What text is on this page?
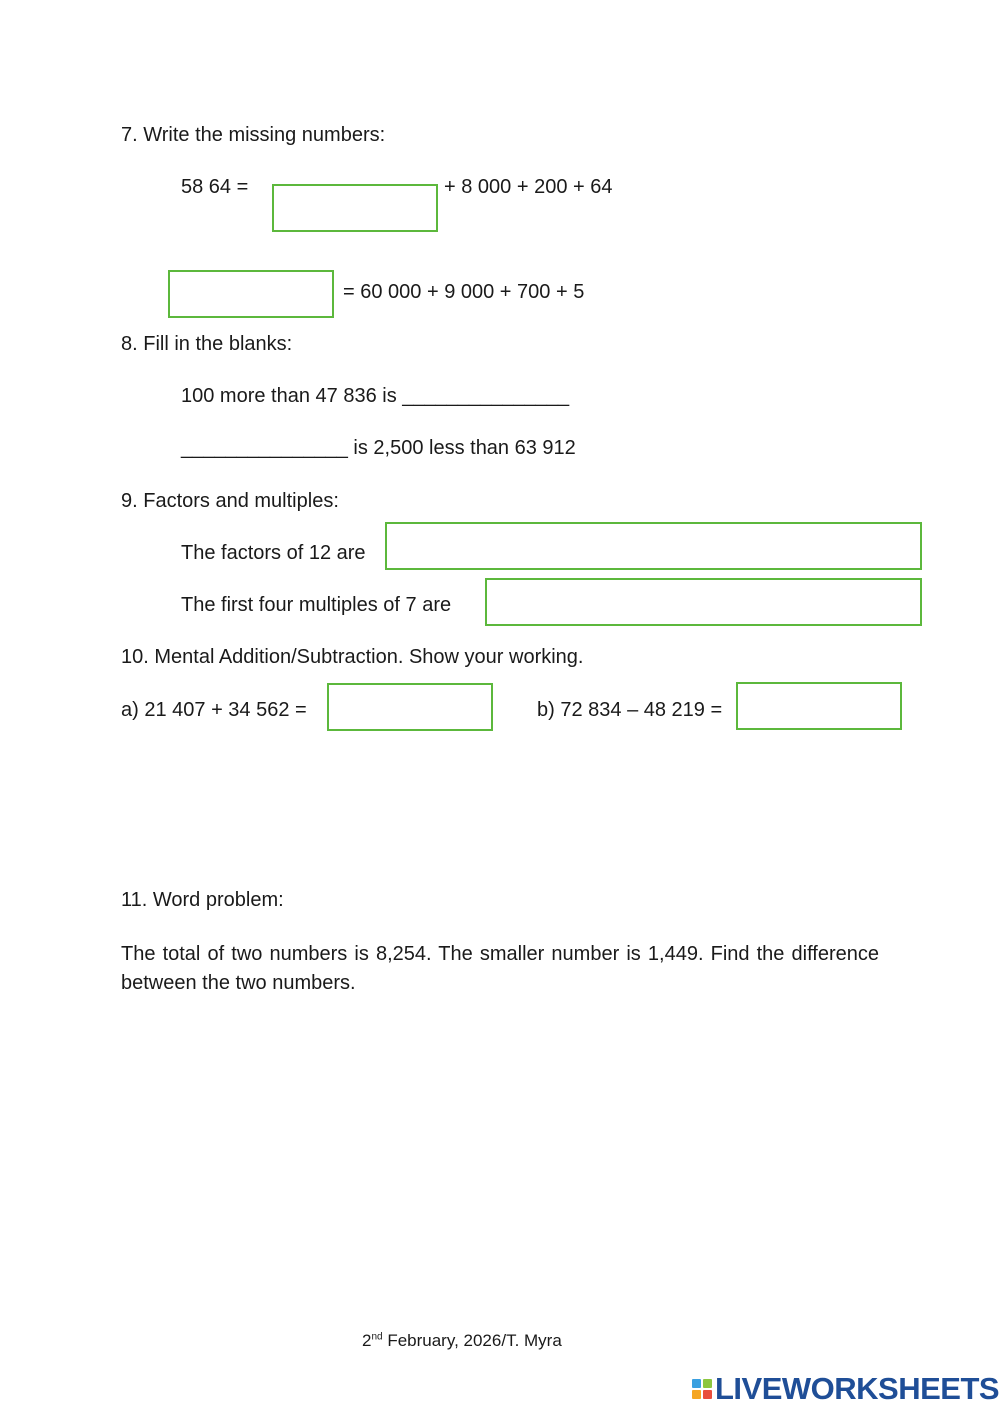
7. Write the missing numbers:
58 64 =	+ 8 000 + 200 + 64
= 60 000 + 9 000 + 700 + 5
8. Fill in the blanks:
100 more than 47 836 is _______________
_______________ is 2,500 less than 63 912
9. Factors and multiples:
The factors of 12 are
The first four multiples of 7 are
10. Mental Addition/Subtraction. Show your working.
a) 21 407 + 34 562 =	b) 72 834 – 48 219 =
11. Word problem:
The total of two numbers is 8,254. The smaller number is 1,449. Find the difference between the two numbers.
2nd February, 2026/T. Myra
LIVEWORKSHEETS
